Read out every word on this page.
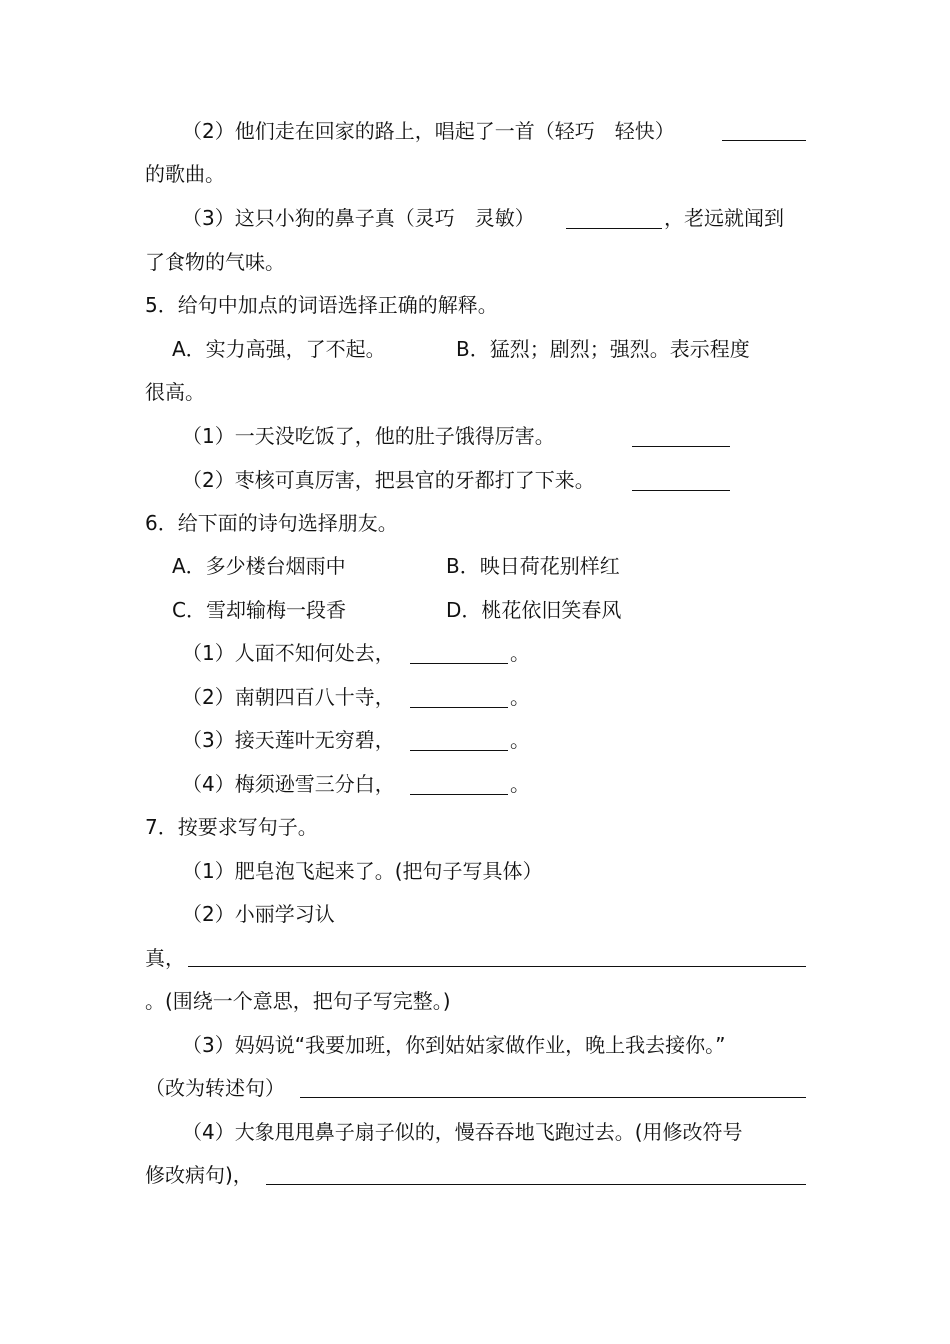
（2）他们走在回家的路上，唱起了一首（轻巧　轻快）
的歌曲。
（3）这只小狗的鼻子真（灵巧　灵敏）	，老远就闻到
了食物的气味。
5．给句中加点的词语选择正确的解释。
A．实力高强，了不起。	B．猛烈；剧烈；强烈。表示程度
很高。
（1）一天没吃饭了，他的肚子饿得厉害。
（2）枣核可真厉害，把县官的牙都打了下来。
6．给下面的诗句选择朋友。
A．多少楼台烟雨中	B．映日荷花别样红
C．雪却输梅一段香	D．桃花依旧笑春风
（1）人面不知何处去，	。
（2）南朝四百八十寺，	。
（3）接天莲叶无穷碧，	。
（4）梅须逊雪三分白，	。
7．按要求写句子。
（1）肥皂泡飞起来了。(把句子写具体）
（2）小丽学习认
真，
。(围绕一个意思，把句子写完整。)
（3）妈妈说“我要加班，你到姑姑家做作业，晚上我去接你。”
（改为转述句）
（4）大象甩甩鼻子扇子似的，慢吞吞地飞跑过去。(用修改符号
修改病句)，
